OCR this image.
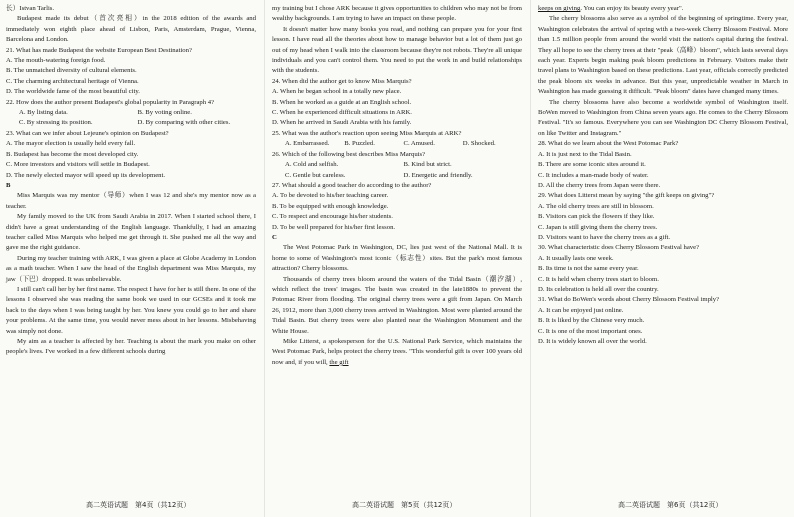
长）Istvan Tarlis.

Budapest made its debut（首次亮相）in the 2018 edition of the awards and immediately won eighth place ahead of Lisbon, Paris, Amsterdam, Prague, Vienna, Barcelona and London.

21. What has made Budapest the website European Best Destination?

A. The mouth-watering foreign food.

B. The unmatched diversity of cultural elements.

C. The charming architectural heritage of Vienna.

D. The worldwide fame of the most beautiful city.

22. How does the author present Budapest's global popularity in Paragraph 4?

A. By listing data.	B. By voting online.
C. By stressing its position.	D. By comparing with other cities.

23. What can we infer about Lejeune's opinion on Budapest?

A. The mayor election is usually held every fall.

B. Budapest has become the most developed city.

C. More investors and visitors will settle in Budapest.

D. The newly elected mayor will speed up its development.

B

Miss Marquis was my mentor（导师）when I was 12 and she's my mentor now as a teacher.

My family moved to the UK from Saudi Arabia in 2017. When I started school there, I didn't have a great understanding of the English language. Thankfully, I had an amazing teacher called Miss Marquis who helped me get through it. She pushed me all the way and gave me the right guidance.

During my teacher training with ARK, I was given a place at Globe Academy in London as a math teacher. When I saw the head of the English department was Miss Marquis, my jaw（下巴）dropped. It was unbelievable.

I still can't call her by her first name. The respect I have for her is still there. In one of the lessons I observed she was reading the same book we used in our GCSEs and it took me back to the days when I was being taught by her. You knew you could go to her and share your problems. At the same time, you would never mess about in her lessons. Misbehaving was simply not done.

My aim as a teacher is affected by her. Teaching is about the mark you make on other people's lives. I've worked in a few different schools during

my training but I chose ARK because it gives opportunities to children who may not be from wealthy backgrounds. I am trying to have an impact on these people.

It doesn't matter how many books you read, and nothing can prepare you for your first lesson. I have read all the theories about how to manage behavior but a lot of them just go out of my head when I walk into the classroom because they're not robots. They're all unique individuals and you can't control them. You need to put the work in and build relationships with the students.

24. When did the author get to know Miss Marquis?

A. When he began school in a totally new place.

B. When he worked as a guide at an English school.

C. When he experienced difficult situations in ARK.

D. When he arrived in Saudi Arabia with his family.

25. What was the author's reaction upon seeing Miss Marquis at ARK?

A. Embarrassed.	B. Puzzled.	C. Amused.	D. Shocked.

26. Which of the following best describes Miss Marquis?

A. Cold and selfish.	B. Kind but strict.
C. Gentle but careless.	D. Energetic and friendly.

27. What should a good teacher do according to the author?

A. To be devoted to his/her teaching career.

B. To be equipped with enough knowledge.

C. To respect and encourage his/her students.

D. To be well prepared for his/her first lesson.

C

The West Potomac Park in Washington, DC, lies just west of the National Mall. It is home to some of Washington's most iconic（标志性）sites. But the park's most famous attraction? Cherry blossoms.

Thousands of cherry trees bloom around the waters of the Tidal Basin（潮汐湖）, which reflect the trees' images. The basin was created in the late1880s to prevent the Potomac River from flooding. The original cherry trees were a gift from Japan. On March 26, 1912, more than 3,000 cherry trees arrived in Washington. Most were planted around the Tidal Basin. But cherry trees were also planted near the Washington Monument and the White House.

Mike Litterst, a spokesperson for the U.S. National Park Service, which maintains the West Potomac Park, helps protect the cherry trees. "This wonderful gift is over 100 years old now and, if you will, the gift

keeps on giving. You can enjoy its beauty every year".

The cherry blossoms also serve as a symbol of the beginning of springtime. Every year, Washington celebrates the arrival of spring with a two-week Cherry Blossom Festival. More than 1.5 million people from around the world visit the nation's capital during the festival. They all hope to see the cherry trees at their "peak（高峰）bloom", which lasts several days each year. Experts begin making peak bloom predictions in February. Visitors make their travel plans to Washington based on these predictions. Last year, officials correctly predicted the peak bloom six weeks in advance. But this year, unpredictable weather in March in Washington has made guessing it difficult. "Peak bloom" dates have changed many times.

The cherry blossoms have also become a worldwide symbol of Washington itself. BoWen moved to Washington from China seven years ago. He comes to the Cherry Blossom Festival. "It's so famous. Everywhere you can see Washington DC Cherry Blossom Festival, on like Twitter and Instagram."

28. What do we learn about the West Potomac Park?

A. It is just next to the Tidal Basin.

B. There are some iconic sites around it.

C. It includes a man-made body of water.

D. All the cherry trees from Japan were there.

29. What does Litterst mean by saying "the gift keeps on giving"?

A. The old cherry trees are still in blossom.

B. Visitors can pick the flowers if they like.

C. Japan is still giving them the cherry trees.

D. Visitors want to have the cherry trees as a gift.

30. What characteristic does Cherry Blossom Festival have?

A. It usually lasts one week.

B. Its time is not the same every year.

C. It is held when cherry trees start to bloom.

D. Its celebration is held all over the country.

31. What do BoWen's words about Cherry Blossom Festival imply?

A. It can be enjoyed just online.

B. It is liked by the Chinese very much.

C. It is one of the most important ones.

D. It is widely known all over the world.

高二英语试题　第4页（共12页）	高二英语试题　第5页（共12页）	高二英语试题　第6页（共12页）
